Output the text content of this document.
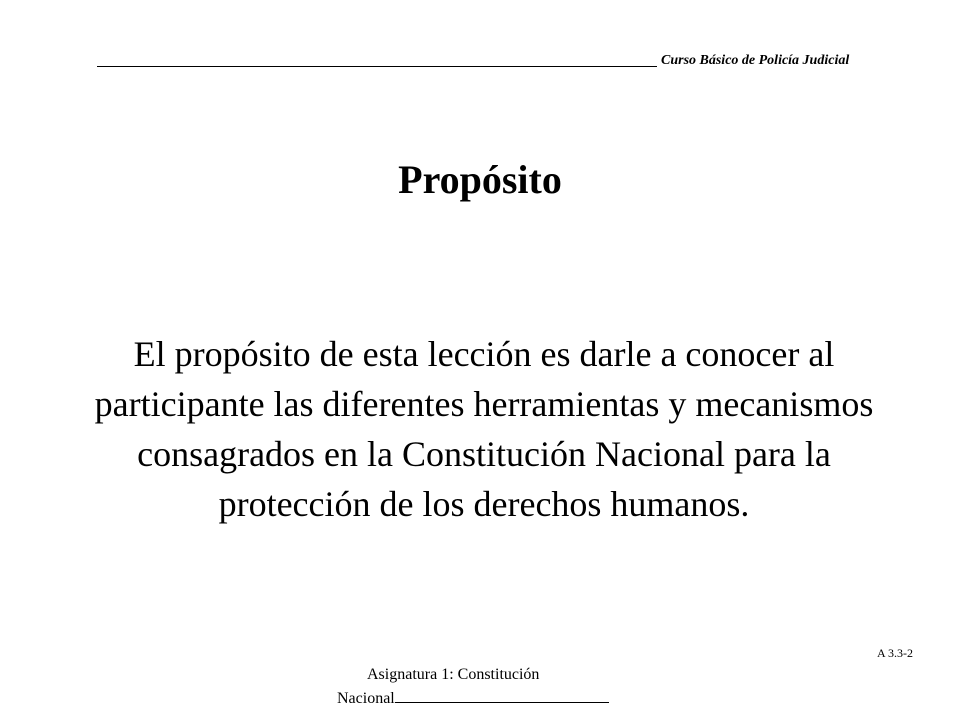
Curso Básico de Policía Judicial
Propósito
El propósito de esta lección es darle a conocer al participante las diferentes herramientas y mecanismos consagrados en la Constitución Nacional para la protección de los derechos humanos.
A 3.3-2
Asignatura 1: Constitución
Nacional
